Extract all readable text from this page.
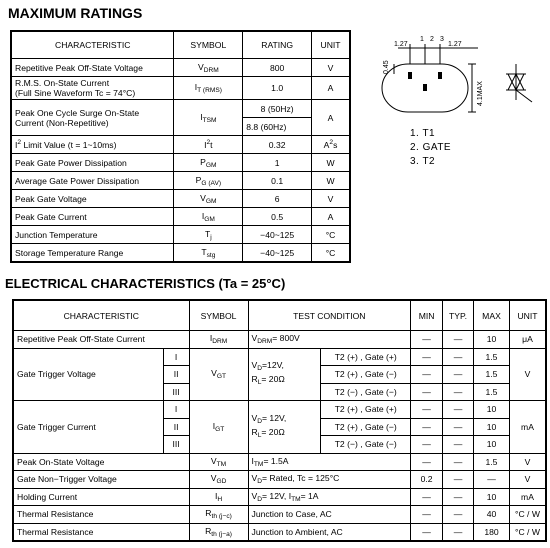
MAXIMUM RATINGS
CHARACTERISTIC	SYMBOL	RATING	UNIT
Repetitive Peak Off-State Voltage	$V_{DRM}$	800	V
R.M.S. On-State Current
(Full Sine Waveform Tc = 74°C)	$I_{T (RMS)}$	1.0	A
Peak One Cycle Surge On-State
Current (Non-Repetitive)	$I_{TSM}$	8 (50Hz)	A
		8.8 (60Hz)	
$I^2$ Limit Value (t = 1~10ms)	$I^2t$	0.32	$A^2s$
Peak Gate Power Dissipation	$P_{GM}$	1	W
Average Gate Power Dissipation	$P_{G (AV)}$	0.1	W
Peak Gate Voltage	$V_{GM}$	6	V
Peak Gate Current	$I_{GM}$	0.5	A
Junction Temperature	$T_j$	−40~125	°C
Storage Temperature Range	$T_{stg}$	−40~125	°C
1.27	1.27
1 2 3
0.45
4.1MAX
1. T1
2. GATE
3. T2
ELECTRICAL CHARACTERISTICS (Ta = 25°C)
CHARACTERISTIC		SYMBOL	TEST CONDITION		MIN	TYP.	MAX	UNIT
Repetitive Peak Off-State Current		$I_{DRM}$	$V_{DRM}= 800V$		—	—	10	μA
Gate Trigger Voltage	I	$V_{GT}$	$V_D=12V$,
$R_L= 20\Omega$	T2 (+) , Gate (+)	—	—	1.5	V
	II			T2 (+) , Gate (−)	—	—	1.5	
	III			T2 (−) , Gate (−)	—	—	1.5	
Gate Trigger Current	I	$I_{GT}$	$V_D= 12V$,
$R_L= 20\Omega$	T2 (+) , Gate (+)	—	—	10	mA
	II			T2 (+) , Gate (−)	—	—	10	
	III			T2 (−) , Gate (−)	—	—	10	
Peak On-State Voltage		$V_{TM}$	$I_{TM}= 1.5A$		—	—	1.5	V
Gate Non−Trigger Voltage		$V_{GD}$	$V_D=$ Rated, Tc = 125°C		0.2	—	—	V
Holding Current		$I_H$	$V_D= 12V$, $I_{TM}= 1A$		—	—	10	mA
Thermal Resistance		$R_{th (j-c)}$	Junction to Case, AC		—	—	40	°C / W
Thermal Resistance		$R_{th (j-a)}$	Junction to Ambient, AC		—	—	180	°C / W
